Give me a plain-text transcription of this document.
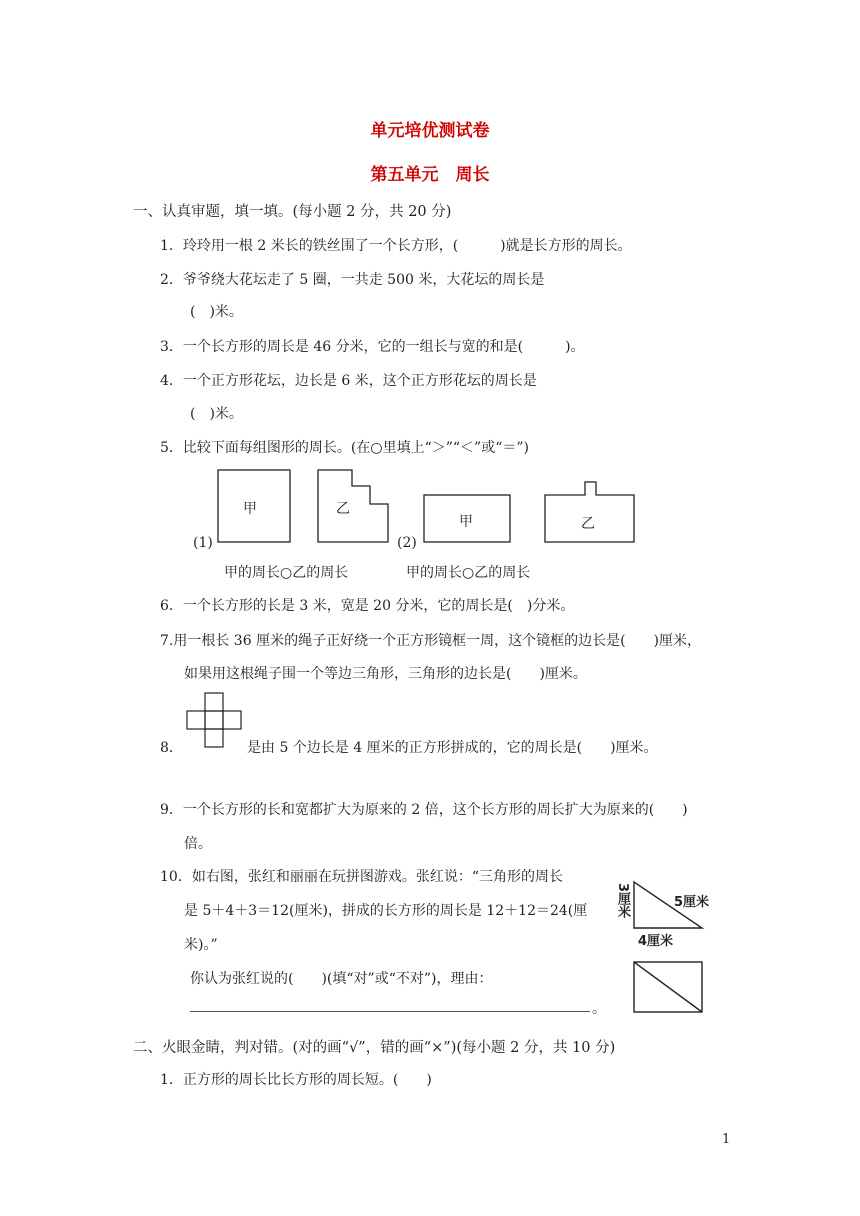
单元培优测试卷
第五单元　周长
一、认真审题，填一填。(每小题 2 分，共 20 分)
1．玲玲用一根 2 米长的铁丝围了一个长方形，(　　　)就是长方形的周长。
2．爷爷绕大花坛走了 5 圈，一共走 500 米，大花坛的周长是
(　)米。
3．一个长方形的周长是 46 分米，它的一组长与宽的和是(　　　)。
4．一个正方形花坛，边长是 6 米，这个正方形花坛的周长是
(　)米。
5．比较下面每组图形的周长。(在○里填上“＞”“＜”或“＝”)
甲	乙
甲	乙
(1)	(2)
甲的周长○乙的周长	甲的周长○乙的周长
6．一个长方形的长是 3 米，宽是 20 分米，它的周长是(　)分米。
7.用一根长 36 厘米的绳子正好绕一个正方形镜框一周，这个镜框的边长是(　　)厘米，
如果用这根绳子围一个等边三角形，三角形的边长是(　　)厘米。
8．	是由 5 个边长是 4 厘米的正方形拼成的，它的周长是(　　)厘米。
9．一个长方形的长和宽都扩大为原来的 2 倍，这个长方形的周长扩大为原来的(　　)
倍。
10．如右图，张红和丽丽在玩拼图游戏。张红说：“三角形的周长
是 5＋4＋3＝12(厘米)，拼成的长方形的周长是 12＋12＝24(厘
米)。”
你认为张红说的(　　)(填“对”或“不对”)，理由：
。
3厘米	5厘米
4厘米
二、火眼金睛，判对错。(对的画“√”，错的画“×”)(每小题 2 分，共 10 分)
1．正方形的周长比长方形的周长短。(　　)
1
